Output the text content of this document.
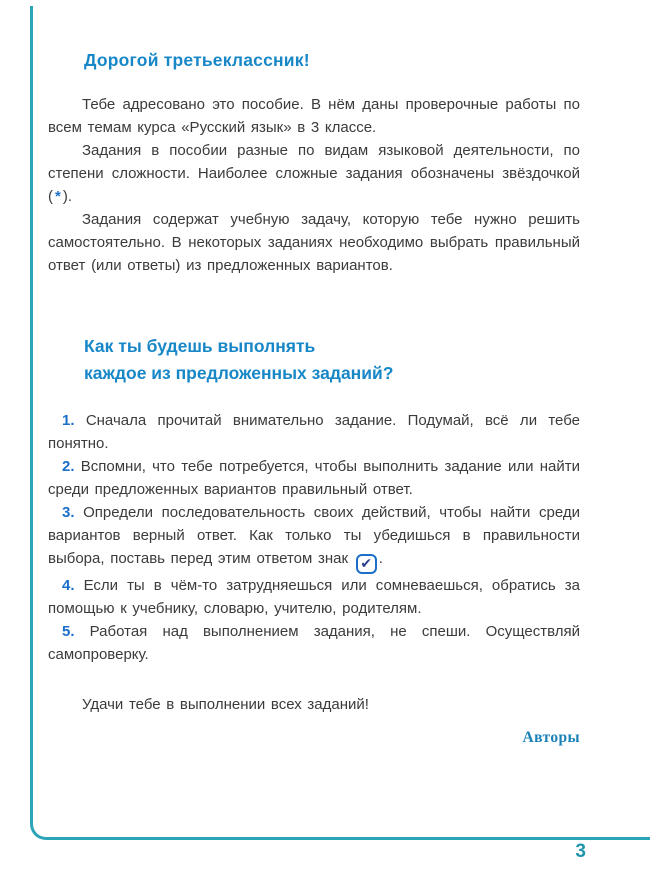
Дорогой третьеклассник!

Тебе адресовано это пособие. В нём даны проверочные работы по всем темам курса «Русский язык» в 3 классе.

Задания в пособии разные по видам языковой деятельности, по степени сложности. Наиболее сложные задания обозначены звёздочкой ( * ).

Задания содержат учебную задачу, которую тебе нужно решить самостоятельно. В некоторых заданиях необходимо выбрать правильный ответ (или ответы) из предложенных вариантов.

Как ты будешь выполнять
каждое из предложенных заданий?

1. Сначала прочитай внимательно задание. Подумай, всё ли тебе понятно.

2. Вспомни, что тебе потребуется, чтобы выполнить задание или найти среди предложенных вариантов правильный ответ.

3. Определи последовательность своих действий, чтобы найти среди вариантов верный ответ. Как только ты убедишься в правильности выбора, поставь перед этим ответом знак ✔ .

4. Если ты в чём-то затрудняешься или сомневаешься, обратись за помощью к учебнику, словарю, учителю, родителям.

5. Работая над выполнением задания, не спеши. Осуществляй самопроверку.

Удачи тебе в выполнении всех заданий!

Авторы
3
